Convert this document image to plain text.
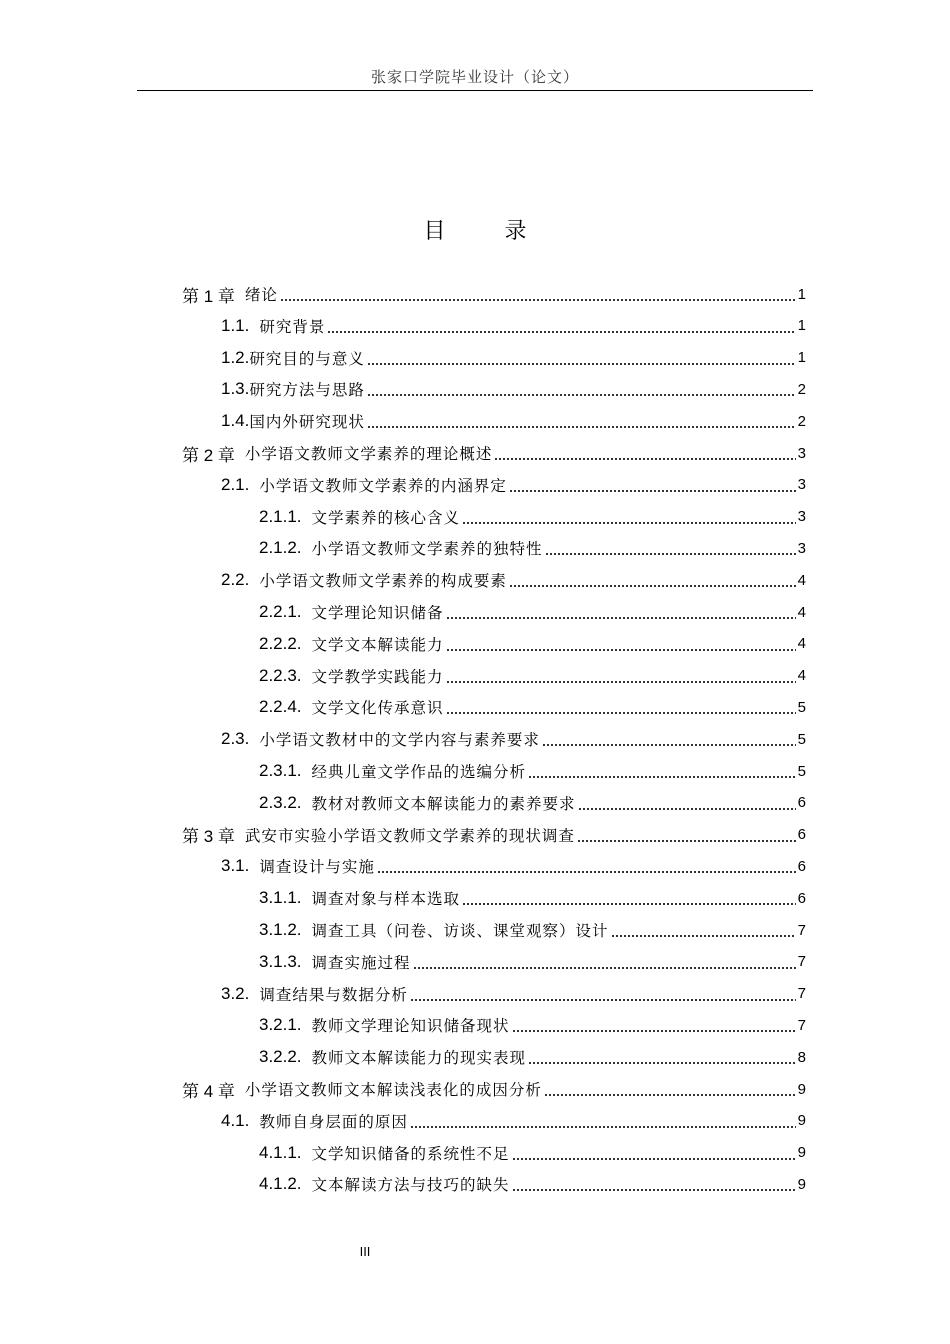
张家口学院毕业设计（论文）
目 录
第 1 章 绪论	1
1.1. 研究背景	1
1.2. 研究目的与意义	1
1.3. 研究方法与思路	2
1.4. 国内外研究现状	2
第 2 章 小学语文教师文学素养的理论概述	3
2.1. 小学语文教师文学素养的内涵界定	3
2.1.1. 文学素养的核心含义	3
2.1.2. 小学语文教师文学素养的独特性	3
2.2. 小学语文教师文学素养的构成要素	4
2.2.1. 文学理论知识储备	4
2.2.2. 文学文本解读能力	4
2.2.3. 文学教学实践能力	4
2.2.4. 文学文化传承意识	5
2.3. 小学语文教材中的文学内容与素养要求	5
2.3.1. 经典儿童文学作品的选编分析	5
2.3.2. 教材对教师文本解读能力的素养要求	6
第 3 章 武安市实验小学语文教师文学素养的现状调查	6
3.1. 调查设计与实施	6
3.1.1. 调查对象与样本选取	6
3.1.2. 调查工具（问卷、访谈、课堂观察）设计	7
3.1.3. 调查实施过程	7
3.2. 调查结果与数据分析	7
3.2.1. 教师文学理论知识储备现状	7
3.2.2. 教师文本解读能力的现实表现	8
第 4 章 小学语文教师文本解读浅表化的成因分析	9
4.1. 教师自身层面的原因	9
4.1.1. 文学知识储备的系统性不足	9
4.1.2. 文本解读方法与技巧的缺失	9
III
